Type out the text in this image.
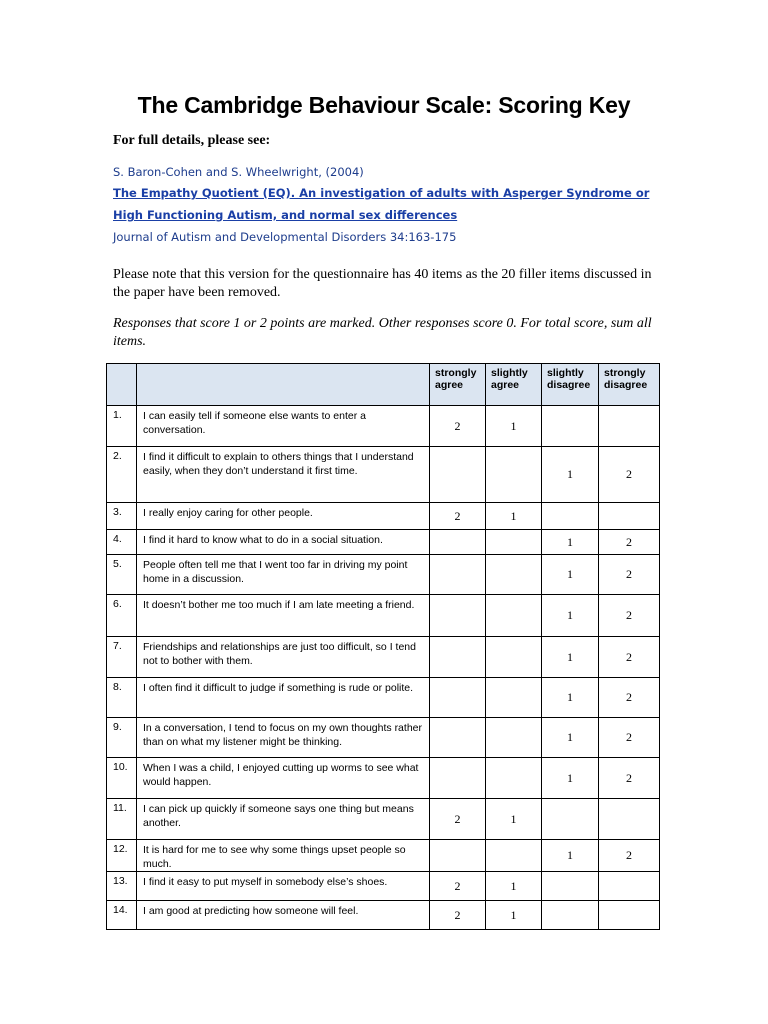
The Cambridge Behaviour Scale: Scoring Key
For full details, please see:
S. Baron-Cohen and S. Wheelwright, (2004)
The Empathy Quotient (EQ). An investigation of adults with Asperger Syndrome or
High Functioning Autism, and normal sex differences
Journal of Autism and Developmental Disorders 34:163-175
Please note that this version for the questionnaire has 40 items as the 20 filler items discussed in the paper have been removed.
Responses that score 1 or 2 points are marked. Other responses score 0. For total score, sum all items.
		strongly agree	slightly agree	slightly disagree	strongly disagree
1.	I can easily tell if someone else wants to enter a conversation.	2	1		
2.	I find it difficult to explain to others things that I understand easily, when they don’t understand it first time.			1	2
3.	I really enjoy caring for other people.	2	1		
4.	I find it hard to know what to do in a social situation.			1	2
5.	People often tell me that I went too far in driving my point home in a discussion.			1	2
6.	It doesn’t bother me too much if I am late meeting a friend.			1	2
7.	Friendships and relationships are just too difficult, so I tend not to bother with them.			1	2
8.	I often find it difficult to judge if something is rude or polite.			1	2
9.	In a conversation, I tend to focus on my own thoughts rather than on what my listener might be thinking.			1	2
10.	When I was a child, I enjoyed cutting up worms to see what would happen.			1	2
11.	I can pick up quickly if someone says one thing but means another.	2	1		
12.	It is hard for me to see why some things upset people so much.			1	2
13.	I find it easy to put myself in somebody else’s shoes.	2	1		
14.	I am good at predicting how someone will feel.	2	1		
